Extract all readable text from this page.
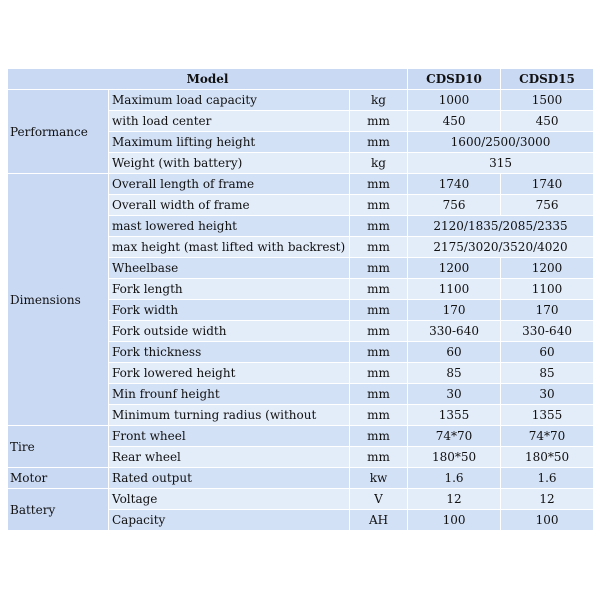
Model			CDSD10	CDSD15
Performance	Maximum load capacity	kg	1000	1500
	with load center	mm	450	450
	Maximum lifting height	mm	1600/2500/3000	
	Weight (with battery)	kg	315	
Dimensions	Overall length of frame	mm	1740	1740
	Overall width of frame	mm	756	756
	mast lowered height	mm	2120/1835/2085/2335	
	max height (mast lifted with backrest)	mm	2175/3020/3520/4020	
	Wheelbase	mm	1200	1200
	Fork length	mm	1100	1100
	Fork width	mm	170	170
	Fork outside width	mm	330-640	330-640
	Fork thickness	mm	60	60
	Fork lowered height	mm	85	85
	Min frounf height	mm	30	30
	Minimum turning radius (without	mm	1355	1355
Tire	Front wheel	mm	74*70	74*70
	Rear wheel	mm	180*50	180*50
Motor	Rated output	kw	1.6	1.6
Battery	Voltage	V	12	12
	Capacity	AH	100	100
